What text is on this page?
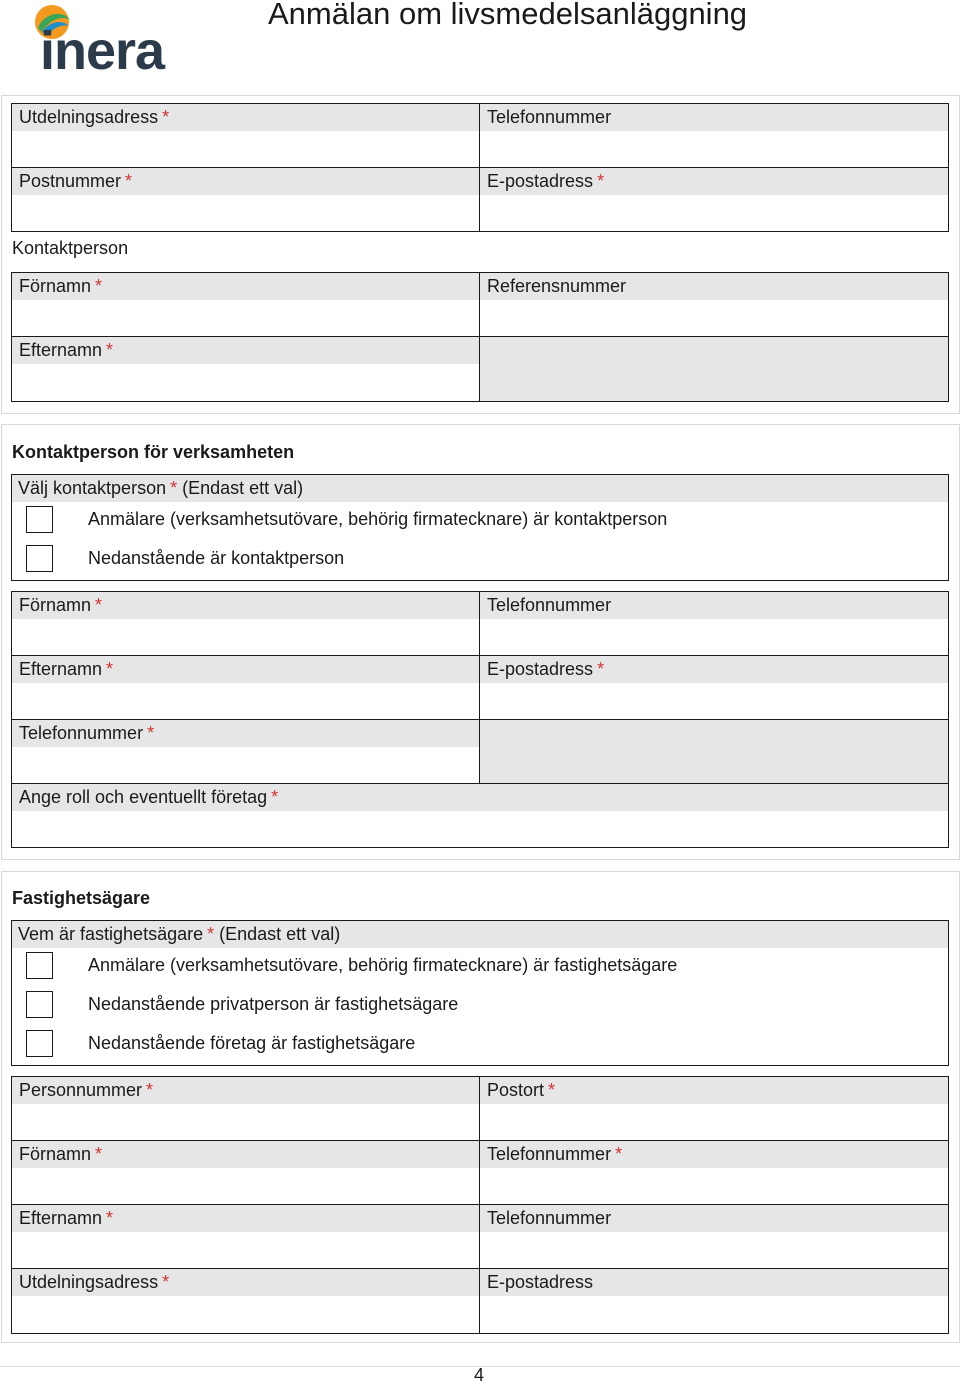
inera
Anmälan om livsmedelsanläggning
Utdelningsadress *	Telefonnummer
Postnummer *	E-postadress *
Kontaktperson
Förnamn *	Referensnummer
Efternamn *
Kontaktperson för verksamheten
Välj kontaktperson * (Endast ett val)
Anmälare (verksamhetsutövare, behörig firmatecknare) är kontaktperson
Nedanstående är kontaktperson
Förnamn *	Telefonnummer
Efternamn *	E-postadress *
Telefonnummer *
Ange roll och eventuellt företag *
Fastighetsägare
Vem är fastighetsägare * (Endast ett val)
Anmälare (verksamhetsutövare, behörig firmatecknare) är fastighetsägare
Nedanstående privatperson är fastighetsägare
Nedanstående företag är fastighetsägare
Personnummer *	Postort *
Förnamn *	Telefonnummer *
Efternamn *	Telefonnummer
Utdelningsadress *	E-postadress
4
